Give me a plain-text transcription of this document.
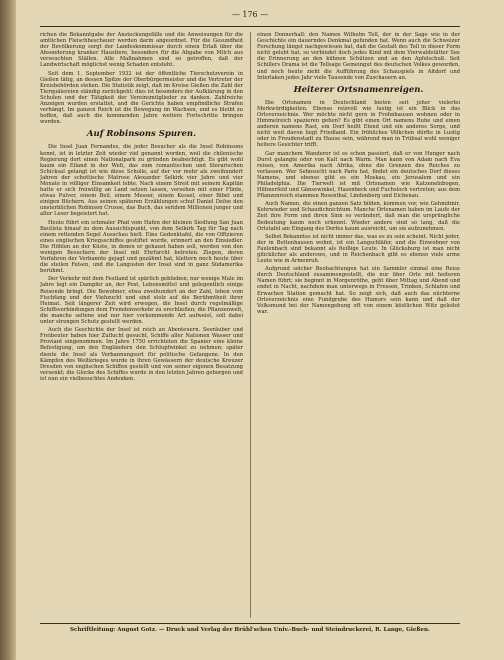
— 176 —

richen die Bekanntgabe der Ansteckungsfälle und die Anweisungen für die amtlichen Fleischbeschauer werden darin angeordnet. Für die Gesundheit der Bevölkerung sorgt der Landeskommissar durch einen Erlaß über die Absonderung kranker Haustiere, besonders für die Abgabe von Milch aus verseuchten Ställen. Alle Maßnahmen sind so getroffen, daß der Landwirtschaft möglichst wenig Schaden entsteht.

Seit dem 1. September 1932 ist der öffentliche Tierschutzverein in Gießen tätig, an dessen Spitze der Oberbürgermeister und die Vertreter der Kreisbehörden stehen. Die Statistik zeigt, daß im Kreise Gießen die Zahl der Tierquälereien ständig zurückgeht; dies ist besonders der Aufklärung in den Schulen und der Tätigkeit der Vereinsmitglieder zu danken. Zahlreiche Anzeigen wurden erstattet, und die Gerichte haben empfindliche Strafen verhängt. Im ganzen Reich ist die Bewegung im Wachsen, und es bleibt zu hoffen, daß auch die kommenden Jahre weitere Fortschritte bringen werden.

Auf Robinsons Spuren.

Die Insel Juan Fernandez, die jeder Besucher als die Insel Robinsons kennt, ist in letzter Zeit wieder viel genannt worden, weil die chilenische Regierung dort einen Nationalpark zu gründen beabsichtigt. Es gibt wohl kaum ein Eiland in der Welt, das zum romantischen und literarischen Schicksal gelangt ist wie diese Scholle, auf der vor mehr als zweihundert Jahren der schottische Matrose Alexander Selkirk vier Jahre und vier Monate in völliger Einsamkeit lebte. Nach einem Streit mit seinem Kapitän hatte er sich freiwillig an Land setzen lassen, versehen mit einer Flinte, etwas Pulver, einem Beil, einem Messer, einem Kessel, einer Bibel und einigen Büchern. Aus seinen späteren Erzählungen schuf Daniel Defoe den unsterblichen Robinson Crusoe, das Buch, das seitdem Millionen junger und alter Leser begeistert hat.

Heute führt ein schmaler Pfad vom Hafen der kleinen Siedlung San Juan Bautista hinauf zu dem Aussichtspunkt, von dem Selkirk Tag für Tag nach einem rettenden Segel Ausschau hielt. Eine Gedenktafel, die von Offizieren eines englischen Kriegsschiffes gestiftet wurde, erinnert an den Einsiedler. Die Höhlen an der Küste, in denen er gehaust haben soll, werden von den wenigen Besuchern der Insel mit Ehrfurcht betreten. Ziegen, deren Vorfahren der Verbannte gejagt und gezähmt hat, klettern noch heute über die steilen Felsen, und die Langusten der Insel sind in ganz Südamerika berühmt.

Der Verkehr mit dem Festland ist spärlich geblieben; nur wenige Male im Jahre legt ein Dampfer an, der Post, Lebensmittel und gelegentlich einige Reisende bringt. Die Bewohner, etwa zweihundert an der Zahl, leben vom Fischfang und der Viehzucht und sind stolz auf die Berühmtheit ihrer Heimat. Seit längerer Zeit wird erwogen, die Insel durch regelmäßige Schiffsverbindungen dem Fremdenverkehr zu erschließen; die Pflanzenwelt, die manche seltene und nur hier vorkommende Art aufweist, soll dabei unter strengen Schutz gestellt werden.

Auch die Geschichte der Insel ist reich an Abenteuern. Seeräuber und Freibeuter haben hier Zuflucht gesucht, Schiffe aller Nationen Wasser und Proviant eingenommen. Im Jahre 1750 errichteten die Spanier eine kleine Befestigung, um den Engländern den Schlupfwinkel zu nehmen; später diente die Insel als Verbannungsort für politische Gefangene. In den Kämpfen des Weltkrieges wurde in ihren Gewässern der deutsche Kreuzer Dresden von englischen Schiffen gestellt und von seiner eigenen Besatzung versenkt; die Glocke des Schiffes wurde in den letzten Jahren geborgen und ist nun ein vielbesuchtes Andenken.

einen Donnerhall: den Namen Wilhelm Tell, der in der Sage wie in der Geschichte ein dauerndes Denkmal gefunden hat. Wenn auch die Schweizer Forschung längst nachgewiesen hat, daß die Gestalt des Tell in dieser Form nicht gelebt hat, so verbindet doch jedes Kind mit dem Vierwaldstätter See die Erinnerung an den kühnen Schützen und an den Apfelschuß. Seit Schillers Drama ist die Tellsage Gemeingut des deutschen Volkes geworden, und noch heute zieht die Aufführung des Schauspiels in Altdorf und Interlaken jedes Jahr viele Tausende von Zuschauern an.

Heiterer Ortsnamenreigen.

Die Ortsnamen in Deutschland bieten seit jeher vielerlei Merkwürdigkeiten. Ebenso reizvoll wie lustig ist ein Blick in das Ortsverzeichnis. Wer möchte nicht gern in Frohnhausen wohnen oder in Himmelreich spazieren gehen? Es gibt einen Ort namens Ruhe und einen anderen namens Rast, ein Dorf heißt Elend und ein anderes Sorge, und nicht weit davon liegt Friedland. Ein fröhliches Völkchen dürfte in Lustig oder in Freudenstadt zu Hause sein, während man in Trübsal wohl weniger heitere Gesichter trifft.

Gar manchem Wanderer ist es schon passiert, daß er von Hunger nach Durst gelangte oder von Kalt nach Warm. Man kann von Adam nach Eva reisen, von Amerika nach Afrika, ohne die Grenzen des Reiches zu verlassen. Wer Sehnsucht nach Paris hat, findet ein deutsches Dorf dieses Namens, und ebenso gibt es ein Moskau, ein Jerusalem und ein Philadelphia. Die Tierwelt ist mit Ortsnamen wie Katzenelnbogen, Hühnerfeld und Gänsewinkel, Hasenbeck und Fuchsloch vertreten; aus dem Pflanzenreich stammen Rosenthal, Lindenberg und Eichenau.

Auch Namen, die einen ganzen Satz bilden, kommen vor, wie Gehmitmir, Kehrwieder und Schaudichnichtum. Manche Ortsnamen haben im Laufe der Zeit ihre Form und ihren Sinn so verändert, daß man die ursprüngliche Bedeutung kaum noch erkennt. Wieder andere sind so lang, daß die Ortstafel am Eingang des Dorfes kaum ausreicht, um sie aufzunehmen.

Selbst Bekanntes ist nicht immer das, was es zu sein scheint. Nicht jeder, der in Bettenhausen wohnt, ist ein Langschläfer, und die Einwohner von Faulenbach sind bekannt als fleißige Leute. In Glücksburg ist man nicht glücklicher als anderswo, und in Reichenbach gibt es ebenso viele arme Leute wie in Armenruh.

Aufgrund solcher Beobachtungen hat ein Sammler einmal eine Reise durch Deutschland zusammengestellt, die nur über Orte mit heiteren Namen führt; sie beginnt in Morgenröthe, geht über Mittag und Abend und endet in Nacht, nachdem man unterwegs in Fressen, Trinken, Schlafen und Erwachen Station gemacht hat. So zeigt sich, daß auch das nüchterne Ortsverzeichnis eine Fundgrube des Humors sein kann und daß der Volksmund bei der Namengebung oft von einem köstlichen Witz geleitet war.

Schriftleitung: August Gotz. — Druck und Verlag der Brühl'schen Univ.-Buch- und Steindruckerei, R. Lange, Gießen.
